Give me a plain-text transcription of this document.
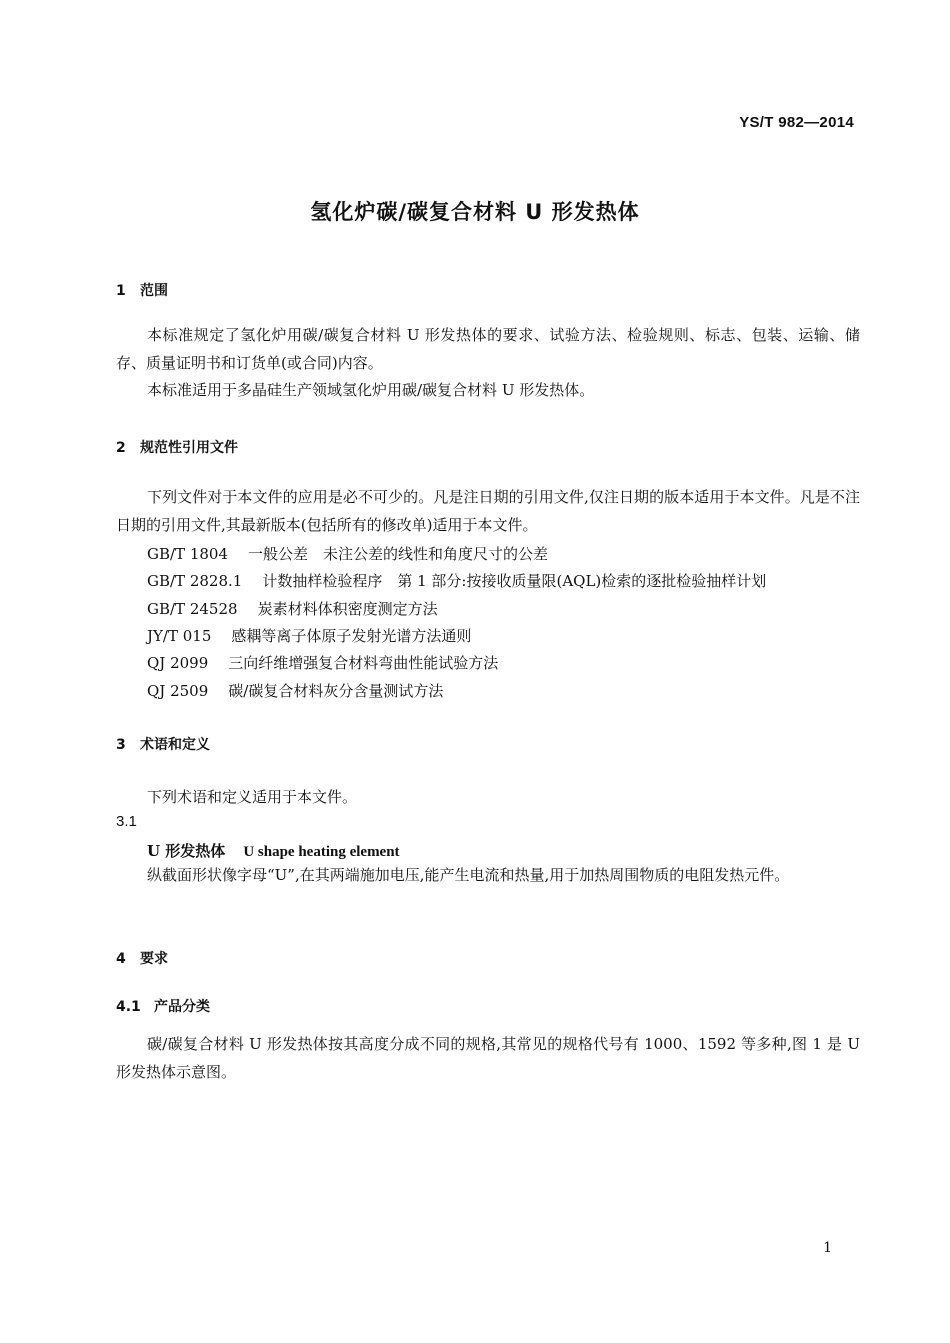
YS/T 982—2014
氢化炉碳/碳复合材料 U 形发热体
1 范围

本标准规定了氢化炉用碳/碳复合材料 U 形发热体的要求、试验方法、检验规则、标志、包装、运输、储存、质量证明书和订货单(或合同)内容。

本标准适用于多晶硅生产领域氢化炉用碳/碳复合材料 U 形发热体。

2 规范性引用文件

下列文件对于本文件的应用是必不可少的。凡是注日期的引用文件,仅注日期的版本适用于本文件。凡是不注日期的引用文件,其最新版本(包括所有的修改单)适用于本文件。

GB/T 1804 一般公差　未注公差的线性和角度尺寸的公差
GB/T 2828.1 计数抽样检验程序　第 1 部分:按接收质量限(AQL)检索的逐批检验抽样计划
GB/T 24528 炭素材料体积密度测定方法
JY/T 015 感耦等离子体原子发射光谱方法通则
QJ 2099 三向纤维增强复合材料弯曲性能试验方法
QJ 2509 碳/碳复合材料灰分含量测试方法
3 术语和定义
下列术语和定义适用于本文件。
3.1
U 形发热体 U shape heating element

纵截面形状像字母“U”,在其两端施加电压,能产生电流和热量,用于加热周围物质的电阻发热元件。

4 要求
4.1 产品分类

碳/碳复合材料 U 形发热体按其高度分成不同的规格,其常见的规格代号有 1000、1592 等多种,图 1 是 U 形发热体示意图。

1
